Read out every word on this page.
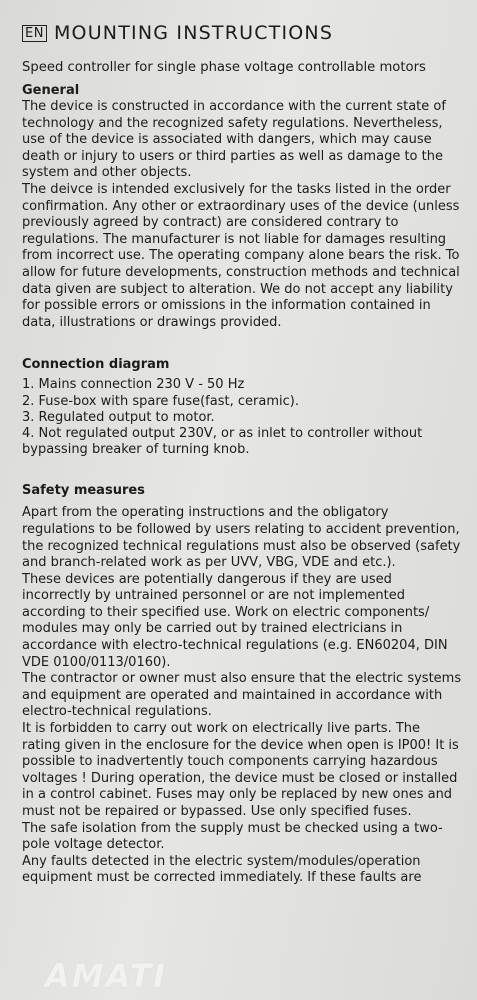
EN MOUNTING INSTRUCTIONS
Speed controller for single phase voltage controllable motors
General

The device is constructed in accordance with the current state of technology and the recognized safety regulations. Nevertheless, use of the device is associated with dangers, which may cause death or injury to users or third parties as well as damage to the system and other objects.

The deivce is intended exclusively for the tasks listed in the order confirmation. Any other or extraordinary uses of the device (unless previously agreed by contract) are considered contrary to regulations. The manufacturer is not liable for damages resulting from incorrect use. The operating company alone bears the risk. To allow for future developments, construction methods and technical data given are subject to alteration. We do not accept any liability for possible errors or omissions in the information contained in data, illustrations or drawings provided.

Connection diagram
1. Mains connection 230 V - 50 Hz
2. Fuse-box with spare fuse(fast, ceramic).
3. Regulated output to motor.
4. Not regulated output 230V, or as inlet to controller without bypassing breaker of turning knob.
Safety measures

Apart from the operating instructions and the obligatory regulations to be followed by users relating to accident prevention, the recognized technical regulations must also be observed (safety and branch-related work as per UVV, VBG, VDE and etc.).

These devices are potentially dangerous if they are used incorrectly by untrained personnel or are not implemented according to their specified use. Work on electric components/ modules may only be carried out by trained electricians in accordance with electro-technical regulations (e.g. EN60204, DIN VDE 0100/0113/0160).

The contractor or owner must also ensure that the electric systems and equipment are operated and maintained in accordance with electro-technical regulations.

It is forbidden to carry out work on electrically live parts. The rating given in the enclosure for the device when open is IP00! It is possible to inadvertently touch components carrying hazardous voltages ! During operation, the device must be closed or installed in a control cabinet. Fuses may only be replaced by new ones and must not be repaired or bypassed. Use only specified fuses.

The safe isolation from the supply must be checked using a two-pole voltage detector.

Any faults detected in the electric system/modules/operation equipment must be corrected immediately. If these faults are

AMATI
